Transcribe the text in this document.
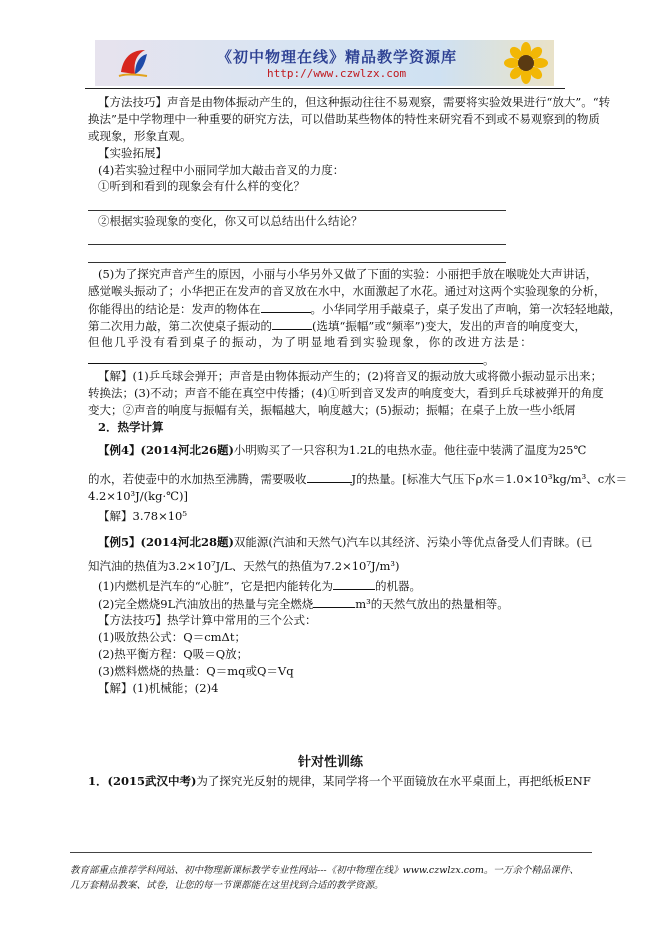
《初中物理在线》精品教学资源库
http://www.czwlzx.com
【方法技巧】声音是由物体振动产生的，但这种振动往往不易观察，需要将实验效果进行“放大”。“转
换法”是中学物理中一种重要的研究方法，可以借助某些物体的特性来研究看不到或不易观察到的物质
或现象，形象直观。
【实验拓展】
(4)若实验过程中小丽同学加大敲击音叉的力度：
①听到和看到的现象会有什么样的变化？
②根据实验现象的变化，你又可以总结出什么结论？
(5)为了探究声音产生的原因，小丽与小华另外又做了下面的实验：小丽把手放在喉咙处大声讲话，
感觉喉头振动了；小华把正在发声的音叉放在水中，水面激起了水花。通过对这两个实验现象的分析，
你能得出的结论是：发声的物体在	。小华同学用手敲桌子，桌子发出了声响，第一次轻轻地敲，
第二次用力敲，第二次使桌子振动的	(选填“振幅”或“频率”)变大，发出的声音的响度变大，
但他几乎没有看到桌子的振动，为了明显地看到实验现象，你的改进方法是：
。
【解】(1)乒乓球会弹开；声音是由物体振动产生的；(2)将音叉的振动放大或将微小振动显示出来；
转换法；(3)不动；声音不能在真空中传播；(4)①听到音叉发声的响度变大，看到乒乓球被弹开的角度
变大；②声音的响度与振幅有关，振幅越大，响度越大；(5)振动；振幅；在桌子上放一些小纸屑
2．热学计算
【例4】(2014河北26题)小明购买了一只容积为1.2L的电热水壶。他往壶中装满了温度为25℃
的水，若使壶中的水加热至沸腾，需要吸收	J的热量。[标准大气压下ρ水＝1.0×10³kg/m³、c水＝
4.2×10³J/(kg·℃)]
【解】3.78×10⁵
【例5】(2014河北28题)双能源(汽油和天然气)汽车以其经济、污染小等优点备受人们青睐。(已
知汽油的热值为3.2×10⁷J/L、天然气的热值为7.2×10⁷J/m³)
(1)内燃机是汽车的“心脏”，它是把内能转化为	的机器。
(2)完全燃烧9L汽油放出的热量与完全燃烧	m³的天然气放出的热量相等。
【方法技巧】热学计算中常用的三个公式：
(1)吸放热公式：Q＝cmΔt；
(2)热平衡方程：Q吸＝Q放；
(3)燃料燃烧的热量：Q＝mq或Q＝Vq
【解】(1)机械能；(2)4
针对性训练
1．(2015武汉中考)为了探究光反射的规律，某同学将一个平面镜放在水平桌面上，再把纸板ENF
教育部重点推荐学科网站、初中物理新课标教学专业性网站---《初中物理在线》www.czwlzx.com。一万余个精品课件、
几万套精品教案、试卷，让您的每一节课都能在这里找到合适的教学资源。
